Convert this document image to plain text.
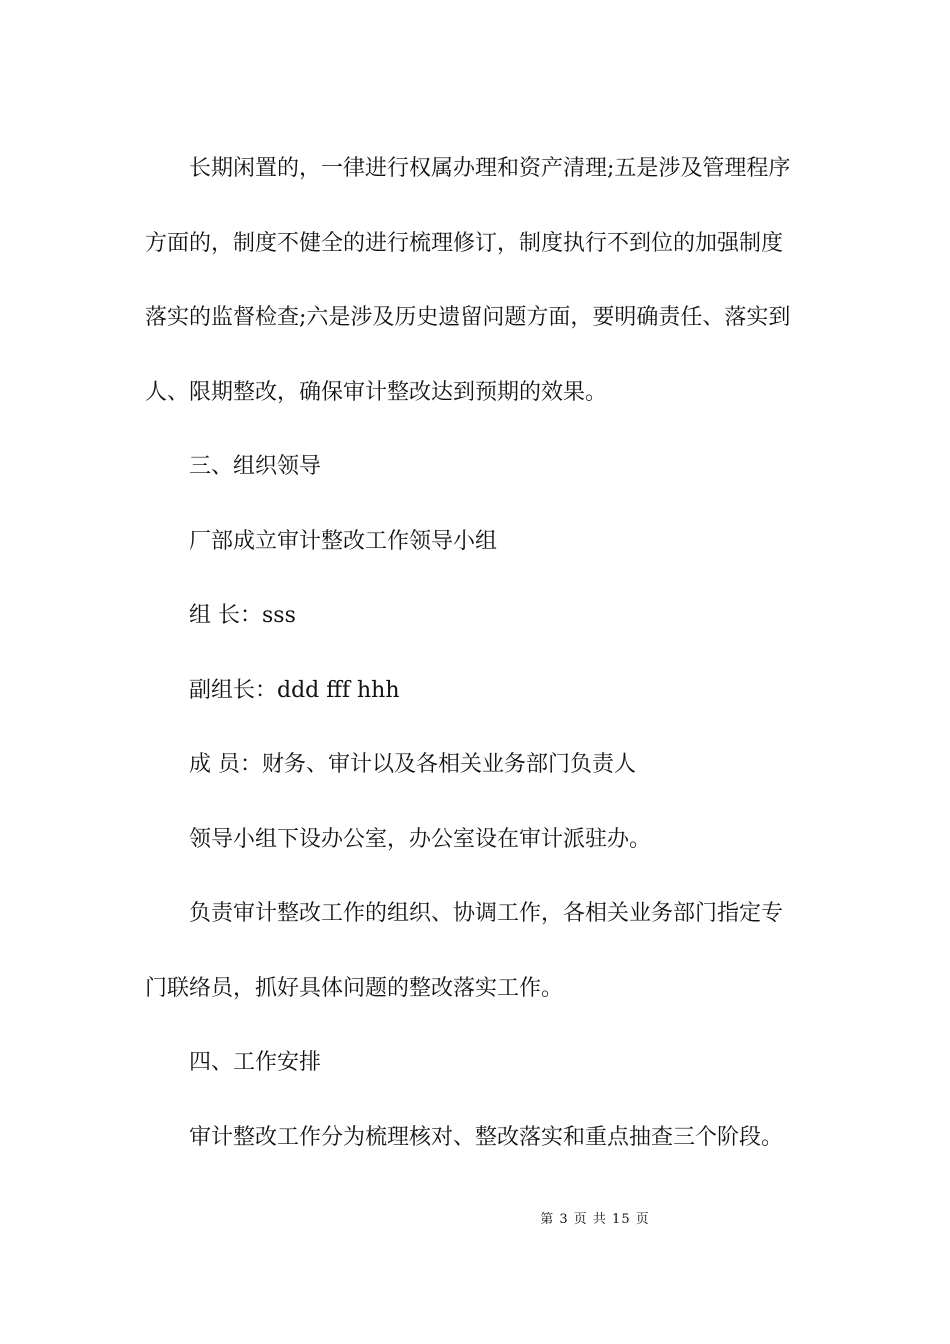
长期闲置的，一律进行权属办理和资产清理;五是涉及管理程序

方面的，制度不健全的进行梳理修订，制度执行不到位的加强制度

落实的监督检查;六是涉及历史遗留问题方面，要明确责任、落实到

人、限期整改，确保审计整改达到预期的效果。

三、组织领导

厂部成立审计整改工作领导小组

组 长：sss

副组长：ddd fff hhh

成 员：财务、审计以及各相关业务部门负责人

领导小组下设办公室，办公室设在审计派驻办。

负责审计整改工作的组织、协调工作，各相关业务部门指定专

门联络员，抓好具体问题的整改落实工作。

四、工作安排

审计整改工作分为梳理核对、整改落实和重点抽查三个阶段。

第 3 页 共 15 页
